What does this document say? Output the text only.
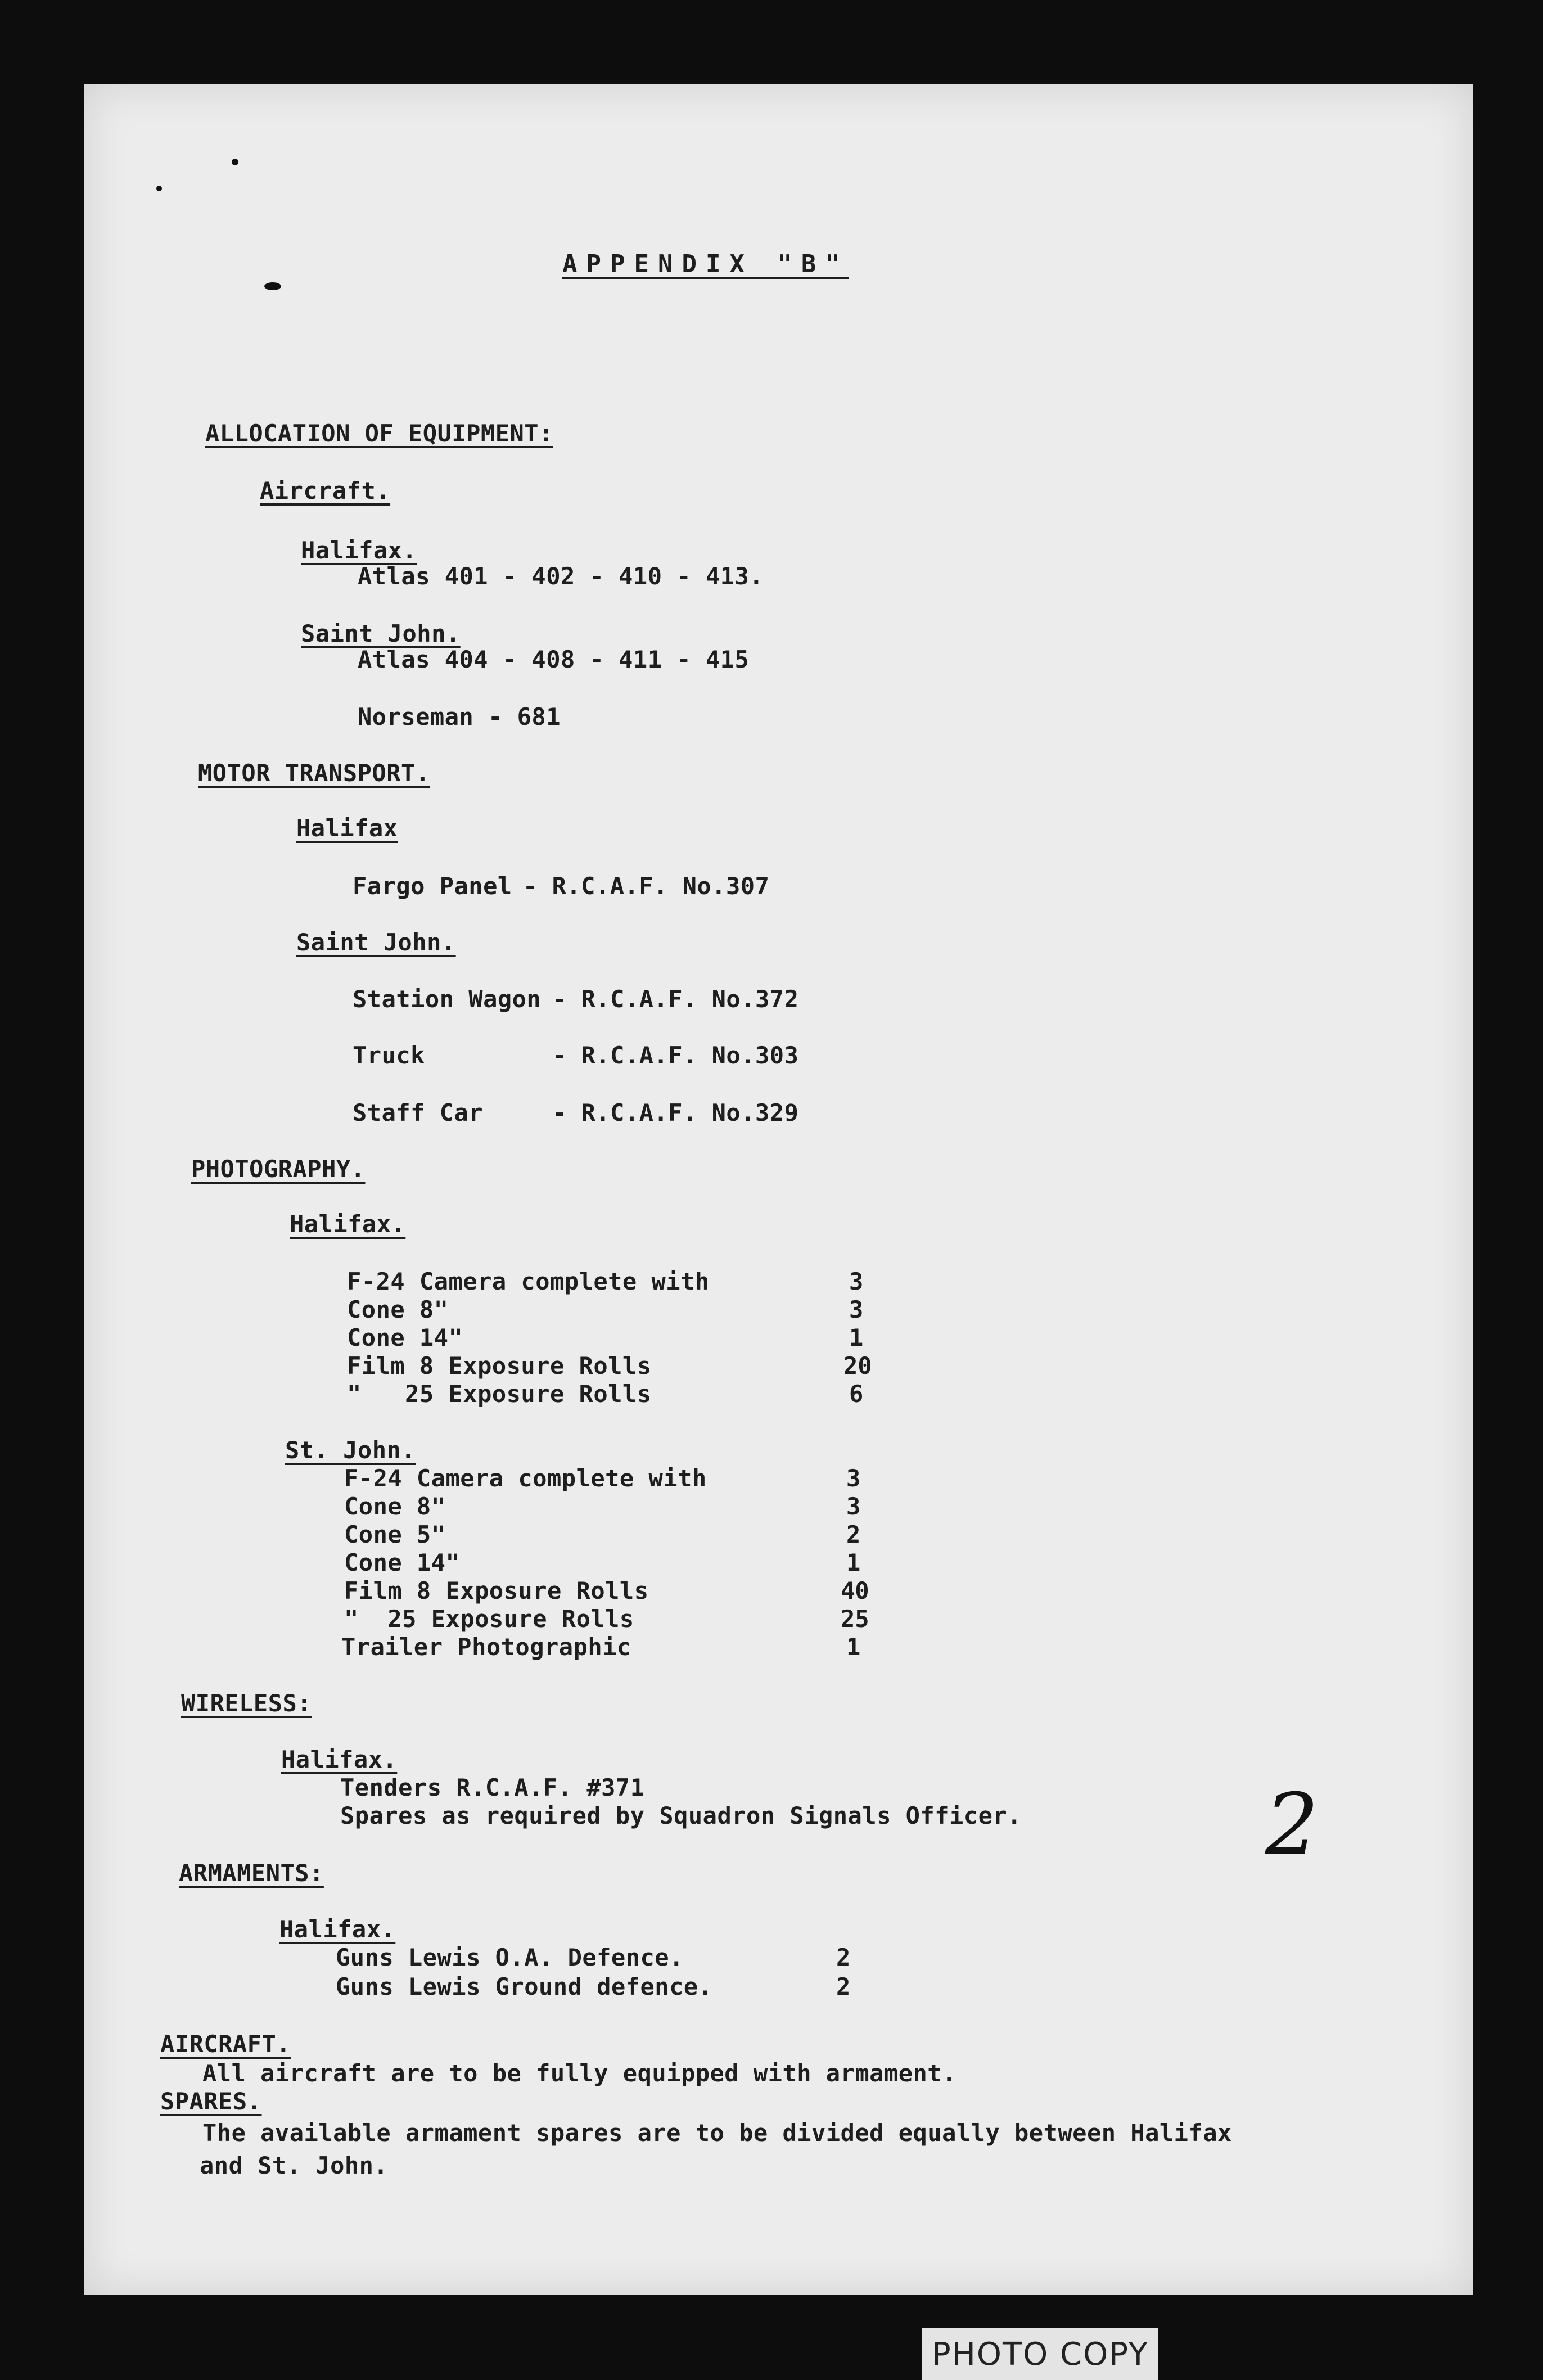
APPENDIX "B"
ALLOCATION OF EQUIPMENT:
Aircraft.
Halifax.
Atlas 401 - 402 - 410 - 413.
Saint John.
Atlas 404 - 408 - 411 - 415
Norseman - 681
MOTOR TRANSPORT.
Halifax
Fargo Panel - R.C.A.F. No.307
Saint John.
Station Wagon - R.C.A.F. No.372
Truck	- R.C.A.F. No.303
Staff Car	- R.C.A.F. No.329
PHOTOGRAPHY.
Halifax.
F-24 Camera complete with	3
Cone 8"	3
Cone 14"	1
Film 8 Exposure Rolls	20
"   25 Exposure Rolls	6
St. John.
F-24 Camera complete with	3
Cone 8"	3
Cone 5"	2
Cone 14"	1
Film 8 Exposure Rolls	40
"  25 Exposure Rolls	25
Trailer Photographic	1
WIRELESS:
Halifax.
Tenders R.C.A.F. #371
Spares as required by Squadron Signals Officer.	2
ARMAMENTS:
Halifax.
Guns Lewis O.A. Defence.	2
Guns Lewis Ground defence.	2
AIRCRAFT.
All aircraft are to be fully equipped with armament.
SPARES.
The available armament spares are to be divided equally between Halifax
and St. John.
PHOTO COPY
